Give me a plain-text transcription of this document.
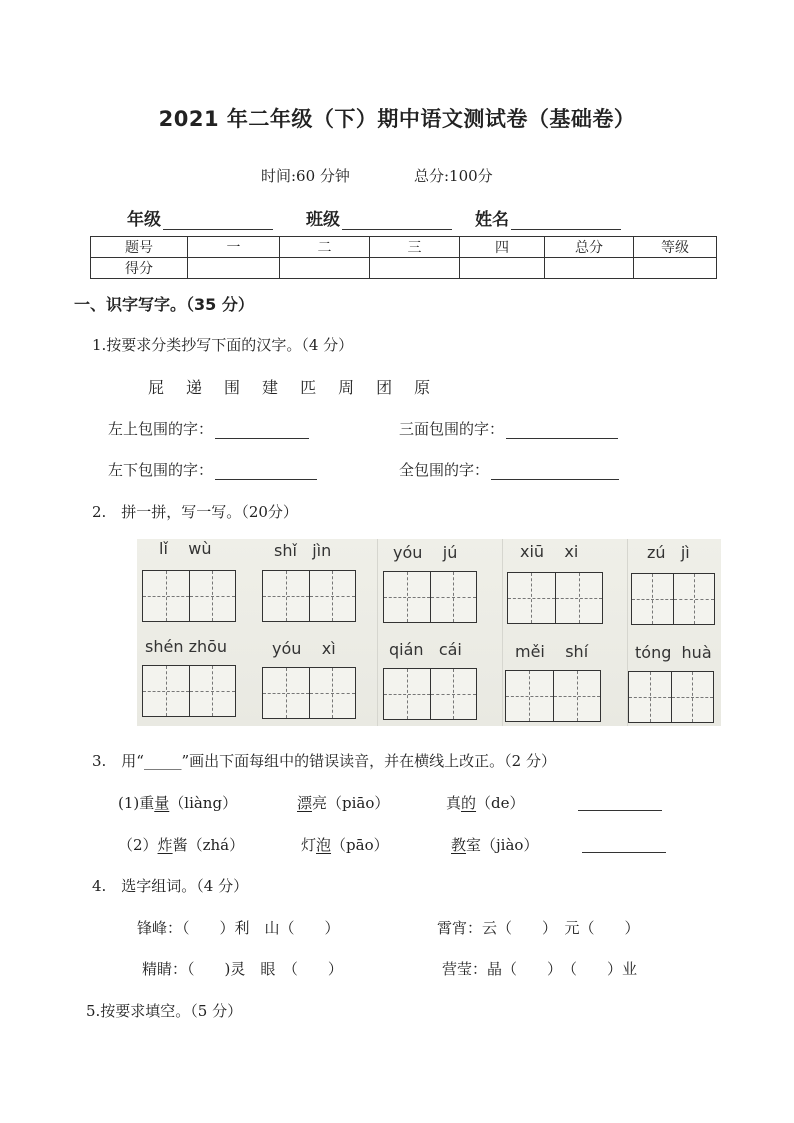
2021 年二年级（下）期中语文测试卷（基础卷）
时间:60 分钟	总分:100分
年级	班级	姓名
题号	一	二	三	四	总分	等级
得分						
一、识字写字。（35 分）
1.按要求分类抄写下面的汉字。（4 分）
屁 递 围 建 匹 周 团 原
左上包围的字：	三面包围的字：
左下包围的字：	全包围的字：
2.　拼一拼，写一写。（20分）
lǐ wù	shǐ jìn	yóu jú	xiū xi	zú jì
shén zhōu	yóu xì	qián cái	měi shí	tóng huà
3.　用“_____”画出下面每组中的错误读音，并在横线上改正。（2 分）
(1)重量（liàng）	漂亮（piāo）	真的（de）
（2）炸酱（zhá）	灯泡（pāo）	教室（jiào）
4.　选字组词。（4 分）
锋峰：（　　）利　山（　　）	霄宵：云（　　）　元（　　）
精睛：（　　)灵　眼　（　　）	营莹：晶（　　）　（　　）业
5.按要求填空。（5 分）
